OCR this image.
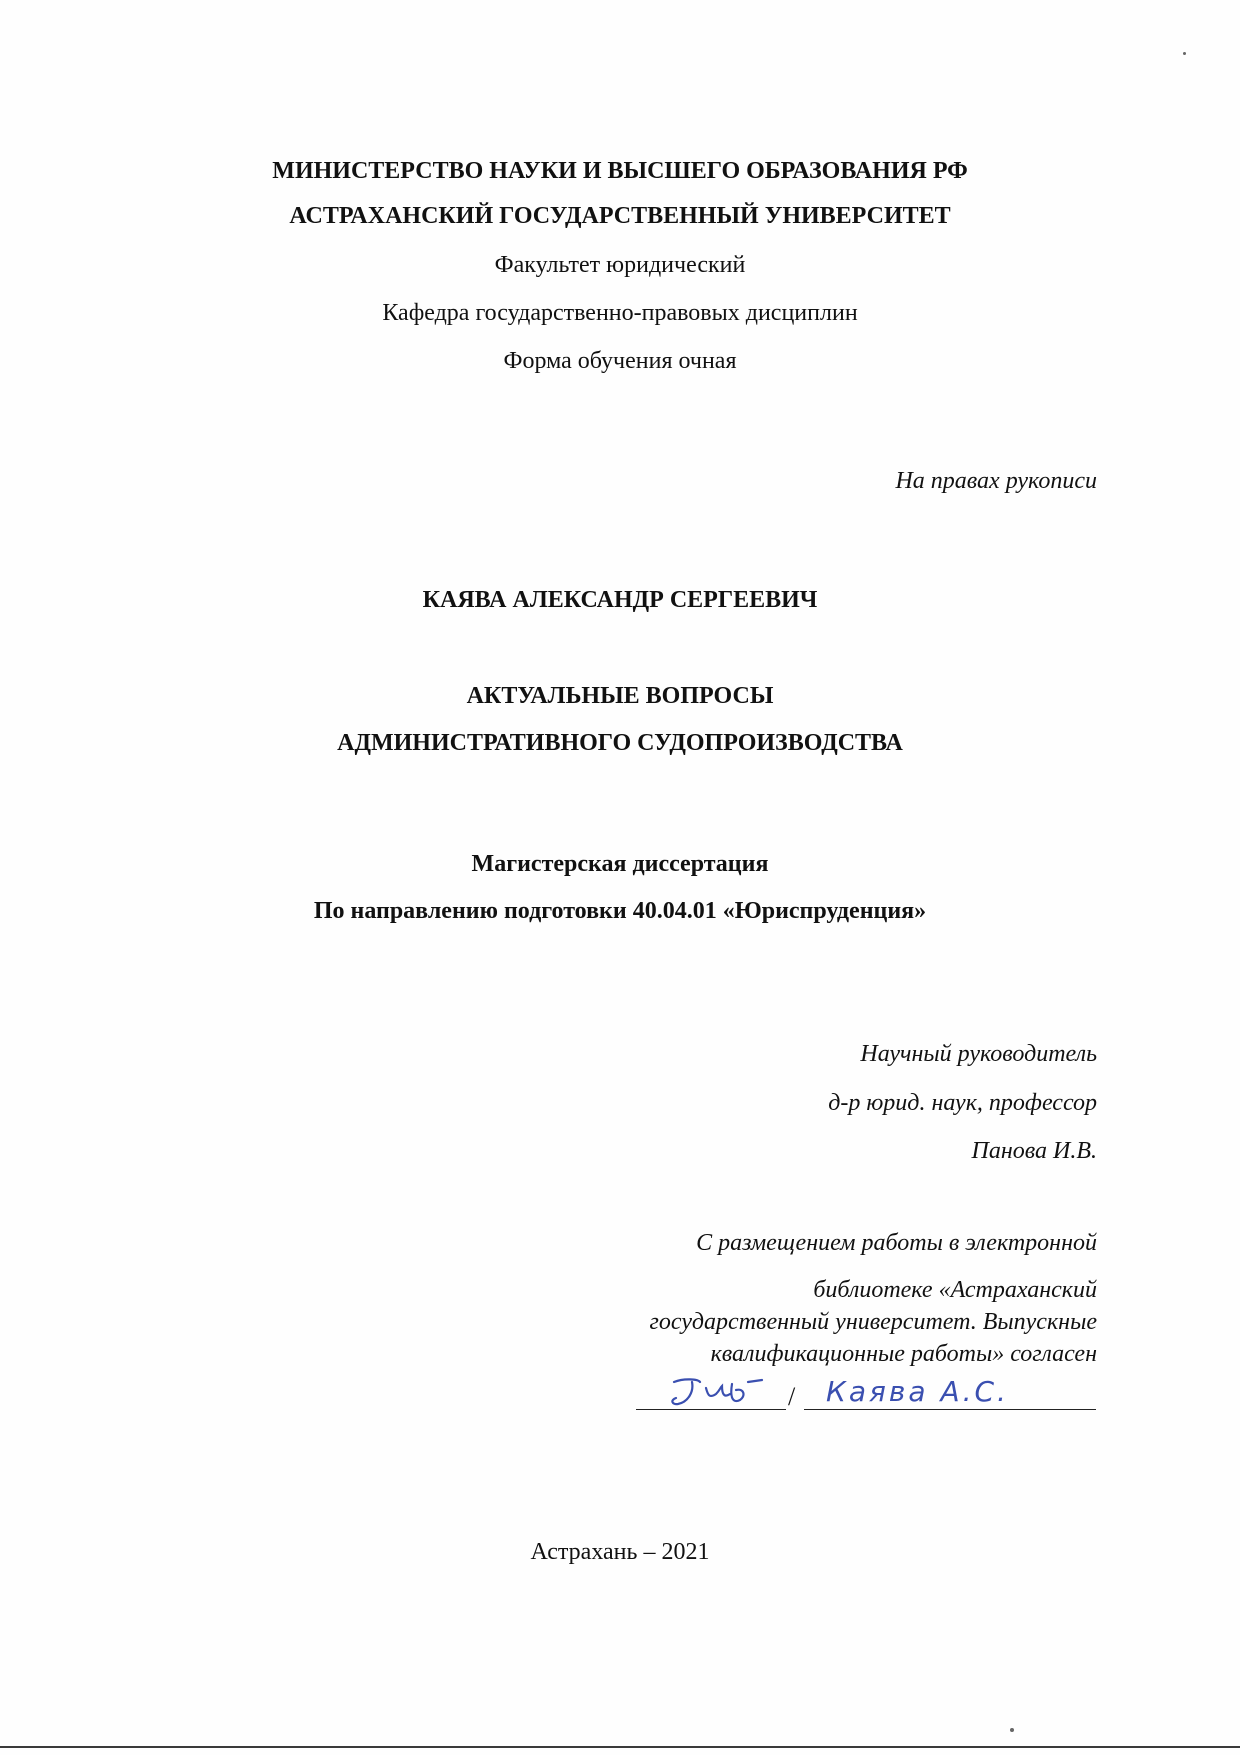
МИНИСТЕРСТВО НАУКИ И ВЫСШЕГО ОБРАЗОВАНИЯ РФ
АСТРАХАНСКИЙ ГОСУДАРСТВЕННЫЙ УНИВЕРСИТЕТ
Факультет юридический
Кафедра государственно-правовых дисциплин
Форма обучения очная
На правах рукописи
КАЯВА АЛЕКСАНДР СЕРГЕЕВИЧ
АКТУАЛЬНЫЕ ВОПРОСЫ
АДМИНИСТРАТИВНОГО СУДОПРОИЗВОДСТВА
Магистерская диссертация
По направлению подготовки 40.04.01 «Юриспруденция»
Научный руководитель
д-р юрид. наук, профессор
Панова И.В.
С размещением работы в электронной
библиотеке «Астраханский
государственный университет. Выпускные
квалификационные работы» согласен
/ Каява А.С.
Астрахань – 2021
